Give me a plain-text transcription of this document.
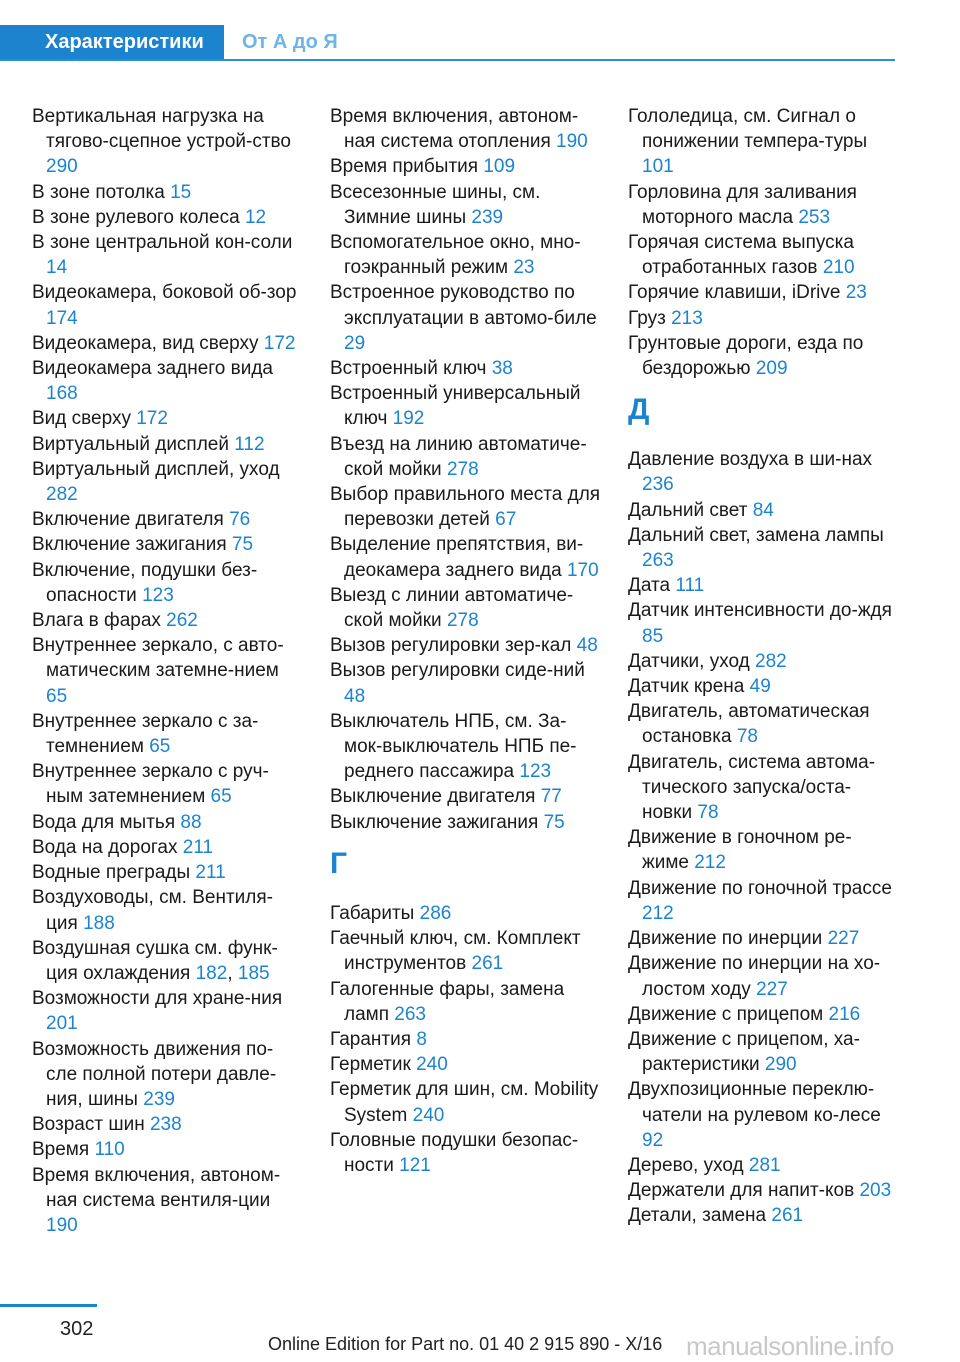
Характеристики От А до Я
Вертикальная нагрузка на тягово-сцепное устрой-ство 290
В зоне потолка 15
В зоне рулевого колеса 12
В зоне центральной кон-соли 14
Видеокамера, боковой об-зор 174
Видеокамера, вид сверху 172
Видеокамера заднего вида 168
Вид сверху 172
Виртуальный дисплей 112
Виртуальный дисплей, уход 282
Включение двигателя 76
Включение зажигания 75
Включение, подушки без-опасности 123
Влага в фарах 262
Внутреннее зеркало, с авто-матическим затемне-нием 65
Внутреннее зеркало с за-темнением 65
Внутреннее зеркало с руч-ным затемнением 65
Вода для мытья 88
Вода на дорогах 211
Водные преграды 211
Воздуховоды, см. Вентиля-ция 188
Воздушная сушка см. функ-ция охлаждения 182, 185
Возможности для хране-ния 201
Возможность движения по-сле полной потери давле-ния, шины 239
Возраст шин 238
Время 110
Время включения, автоном-ная система вентиля-ции 190
Время включения, автоном-ная система отопления 190
Время прибытия 109
Всесезонные шины, см. Зимние шины 239
Вспомогательное окно, мно-гоэкранный режим 23
Встроенное руководство по эксплуатации в автомо-биле 29
Встроенный ключ 38
Встроенный универсальный ключ 192
Въезд на линию автоматиче-ской мойки 278
Выбор правильного места для перевозки детей 67
Выделение препятствия, ви-деокамера заднего вида 170
Выезд с линии автоматиче-ской мойки 278
Вызов регулировки зер-кал 48
Вызов регулировки сиде-ний 48
Выключатель НПБ, см. За-мок-выключатель НПБ пе-реднего пассажира 123
Выключение двигателя 77
Выключение зажигания 75
Г
Габариты 286
Гаечный ключ, см. Комплект инструментов 261
Галогенные фары, замена ламп 263
Гарантия 8
Герметик 240
Герметик для шин, см. Mobility System 240
Головные подушки безопас-ности 121
Гололедица, см. Сигнал о понижении темпера-туры 101
Горловина для заливания моторного масла 253
Горячая система выпуска отработанных газов 210
Горячие клавиши, iDrive 23
Груз 213
Грунтовые дороги, езда по бездорожью 209
Д
Давление воздуха в ши-нах 236
Дальний свет 84
Дальний свет, замена лампы 263
Дата 111
Датчик интенсивности до-ждя 85
Датчики, уход 282
Датчик крена 49
Двигатель, автоматическая остановка 78
Двигатель, система автома-тического запуска/оста-новки 78
Движение в гоночном ре-жиме 212
Движение по гоночной трассе 212
Движение по инерции 227
Движение по инерции на хо-лостом ходу 227
Движение с прицепом 216
Движение с прицепом, ха-рактеристики 290
Двухпозиционные переклю-чатели на рулевом ко-лесе 92
Дерево, уход 281
Держатели для напит-ков 203
Детали, замена 261
302
Online Edition for Part no. 01 40 2 915 890 - X/16 manualsonline.info
